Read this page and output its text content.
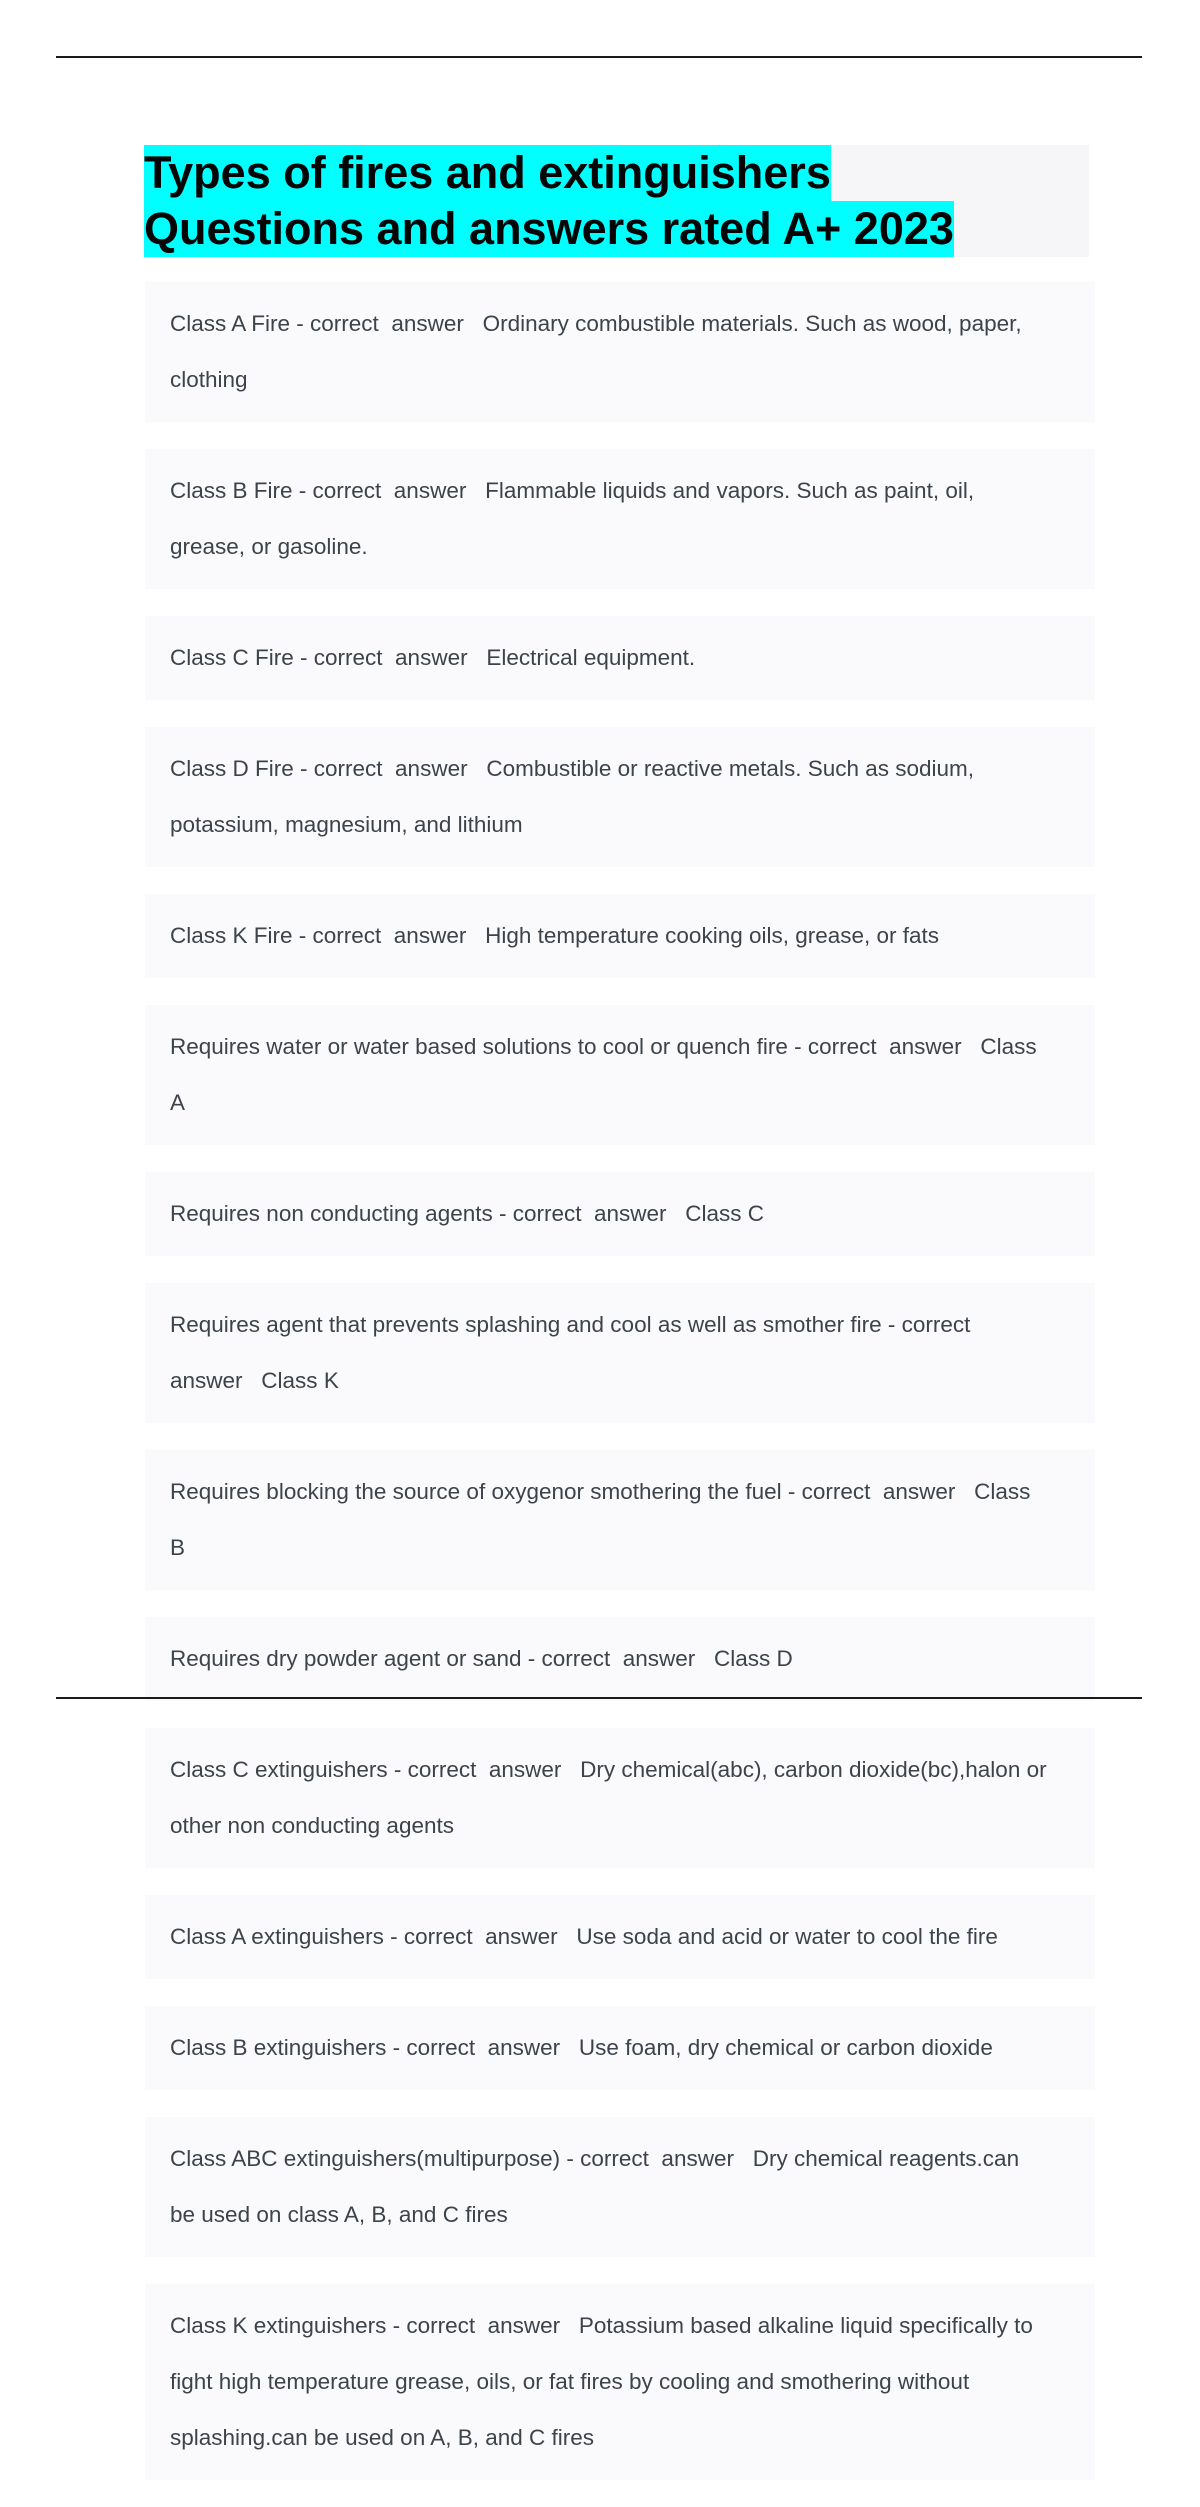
Types of fires and extinguishers
Questions and answers rated A+ 2023

Class A Fire - correct  answer   Ordinary combustible materials. Such as wood, paper,

clothing

Class B Fire - correct  answer   Flammable liquids and vapors. Such as paint, oil,

grease, or gasoline.

Class C Fire - correct  answer   Electrical equipment.

Class D Fire - correct  answer   Combustible or reactive metals. Such as sodium,

potassium, magnesium, and lithium

Class K Fire - correct  answer   High temperature cooking oils, grease, or fats

Requires water or water based solutions to cool or quench fire - correct  answer   Class

A

Requires non conducting agents - correct  answer   Class C

Requires agent that prevents splashing and cool as well as smother fire - correct

answer   Class K

Requires blocking the source of oxygenor smothering the fuel - correct  answer   Class

B

Requires dry powder agent or sand - correct  answer   Class D

Class C extinguishers - correct  answer   Dry chemical(abc), carbon dioxide(bc),halon or

other non conducting agents

Class A extinguishers - correct  answer   Use soda and acid or water to cool the fire

Class B extinguishers - correct  answer   Use foam, dry chemical or carbon dioxide

Class ABC extinguishers(multipurpose) - correct  answer   Dry chemical reagents.can

be used on class A, B, and C fires

Class K extinguishers - correct  answer   Potassium based alkaline liquid specifically to

fight high temperature grease, oils, or fat fires by cooling and smothering without

splashing.can be used on A, B, and C fires
